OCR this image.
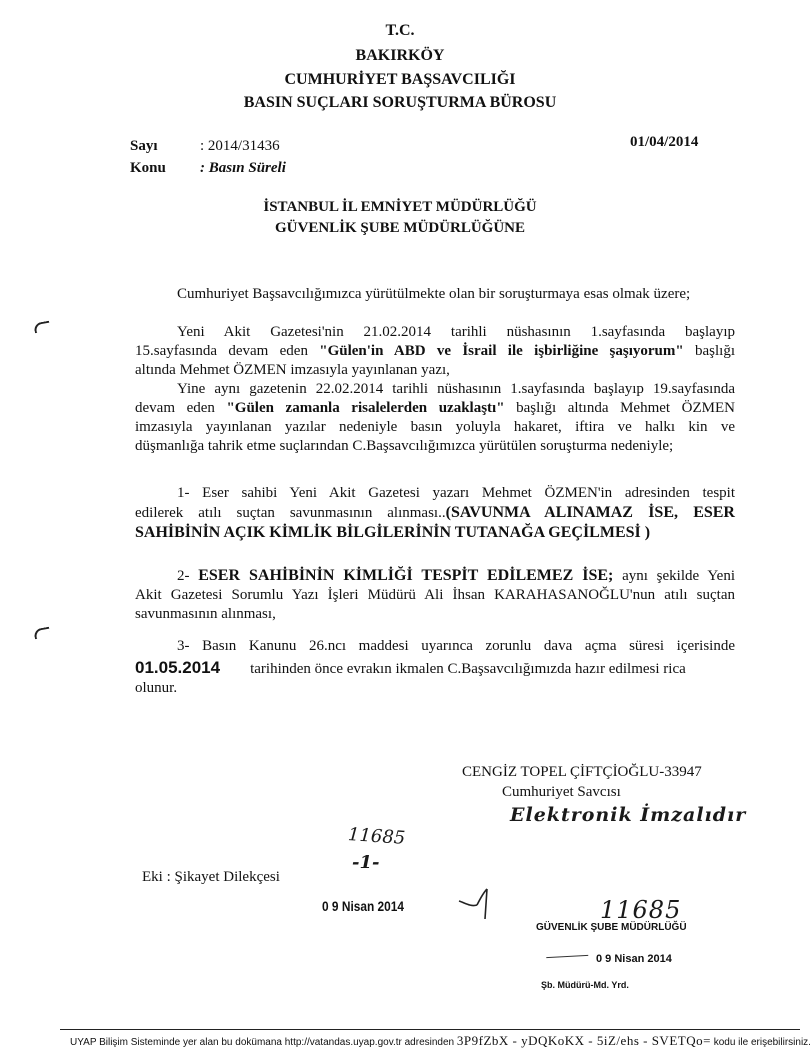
T.C.
BAKIRKÖY
CUMHURİYET BAŞSAVCILIĞI
BASIN SUÇLARI SORUŞTURMA BÜROSU
Sayı	: 2014/31436
Konu : Basın Süreli
01/04/2014
İSTANBUL İL EMNİYET MÜDÜRLÜĞÜ
GÜVENLİK ŞUBE MÜDÜRLÜĞÜNE
Cumhuriyet Başsavcılığımızca yürütülmekte olan bir soruşturmaya esas olmak üzere;
Yeni Akit Gazetesi'nin 21.02.2014 tarihli nüshasının 1.sayfasında başlayıp
15.sayfasında devam eden "Gülen'in ABD ve İsrail ile işbirliğine şaşıyorum" başlığı
altında Mehmet ÖZMEN imzasıyla yayınlanan yazı,
Yine aynı gazetenin 22.02.2014 tarihli nüshasının 1.sayfasında başlayıp 19.sayfasında
devam eden "Gülen zamanla risalelerden uzaklaştı" başlığı altında Mehmet ÖZMEN
imzasıyla yayınlanan yazılar nedeniyle basın yoluyla hakaret, iftira ve halkı kin ve
düşmanlığa tahrik etme suçlarından C.Başsavcılığımızca yürütülen soruşturma nedeniyle;
1- Eser sahibi Yeni Akit Gazetesi yazarı Mehmet ÖZMEN'in adresinden tespit
edilerek atılı suçtan savunmasının alınması..(SAVUNMA ALINAMAZ İSE, ESER
SAHİBİNİN AÇIK KİMLİK BİLGİLERİNİN TUTANAĞA GEÇİLMESİ )
2- ESER SAHİBİNİN KİMLİĞİ TESPİT EDİLEMEZ İSE; aynı şekilde Yeni
Akit Gazetesi Sorumlu Yazı İşleri Müdürü Ali İhsan KARAHASANOĞLU'nun atılı suçtan
savunmasının alınması,
3- Basın Kanunu 26.ncı maddesi uyarınca zorunlu dava açma süresi içerisinde
01.05.2014 tarihinden önce evrakın ikmalen C.Başsavcılığımızda hazır edilmesi rica
olunur.
CENGİZ TOPEL ÇİFTÇİOĞLU-33947
Cumhuriyet Savcısı
Elektronik İmzalıdır
11685
-1-
Eki : Şikayet Dilekçesi
0 9 Nisan 2014	11685
GÜVENLİK ŞUBE MÜDÜRLÜĞÜ
0 9 Nisan 2014
Şb. Müdürü-Md. Yrd.
UYAP Bilişim Sisteminde yer alan bu dokümana http://vatandas.uyap.gov.tr adresinden 3P9fZbX - yDQKoKX - 5iZ/ehs - SVETQo= kodu ile erişebilirsiniz.
